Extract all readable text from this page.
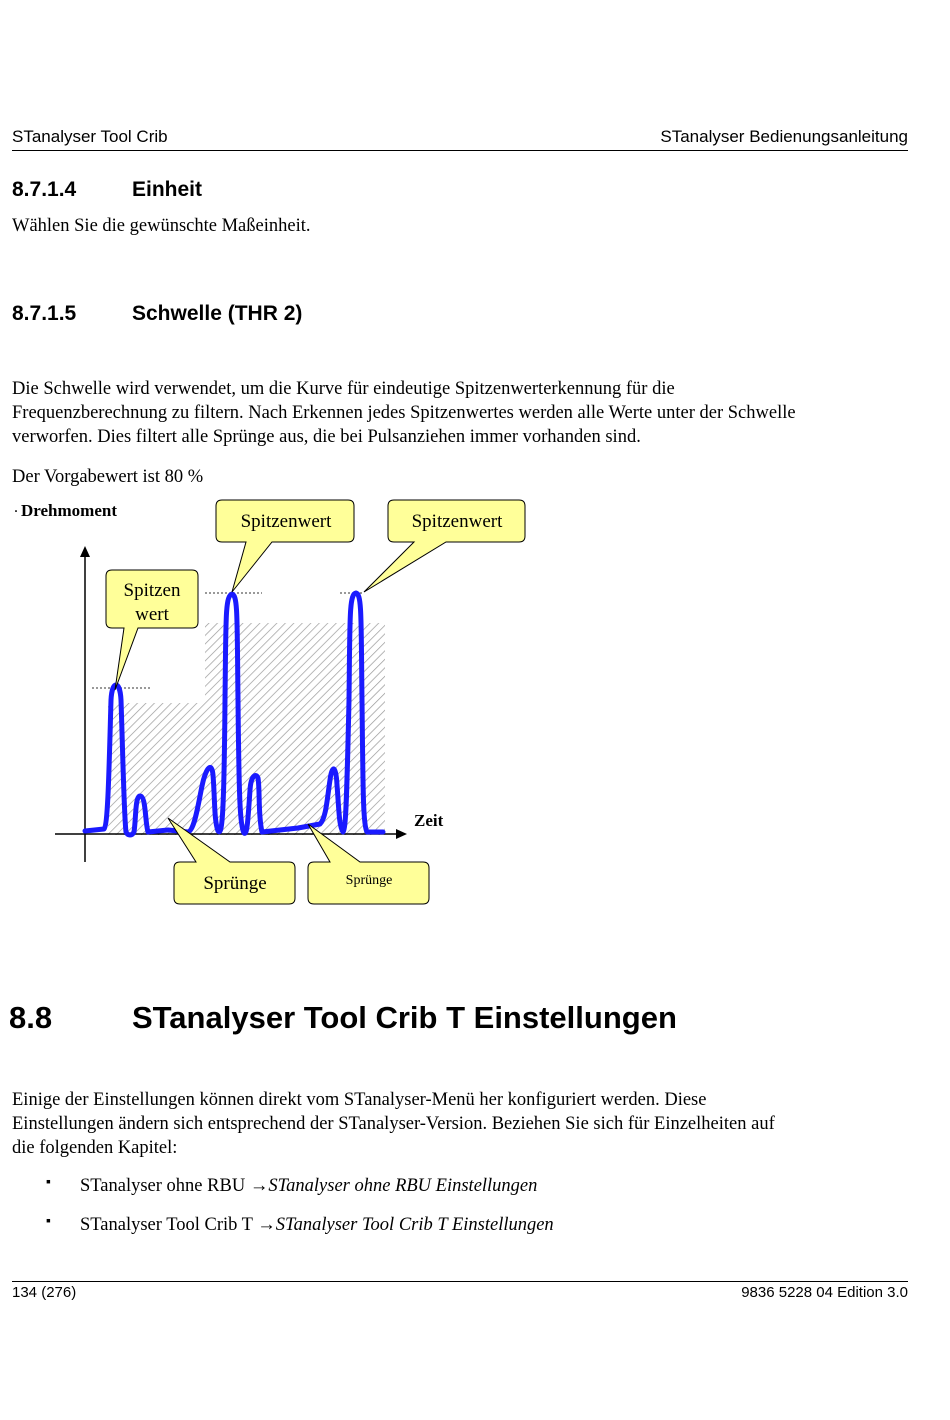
STanalyser Tool Crib	STanalyser Bedienungsanleitung
8.7.1.4	Einheit
Wählen Sie die gewünschte Maßeinheit.
8.7.1.5	Schwelle (THR 2)
Die Schwelle wird verwendet, um die Kurve für eindeutige Spitzenwerterkennung für die
Frequenzberechnung zu filtern. Nach Erkennen jedes Spitzenwertes werden alle Werte unter der Schwelle
verworfen. Dies filtert alle Sprünge aus, die bei Pulsanziehen immer vorhanden sind.
Der Vorgabewert ist 80 %
. Drehmoment
Zeit
Spitzen
wert
Spitzenwert	Spitzenwert
Sprünge	Sprünge
8.8	STanalyser Tool Crib T Einstellungen
Einige der Einstellungen können direkt vom STanalyser-Menü her konfiguriert werden. Diese
Einstellungen ändern sich entsprechend der STanalyser-Version. Beziehen Sie sich für Einzelheiten auf
die folgenden Kapitel:
▪ STanalyser ohne RBU →STanalyser ohne RBU Einstellungen
▪ STanalyser Tool Crib T →STanalyser Tool Crib T Einstellungen
134 (276)	9836 5228 04 Edition 3.0
